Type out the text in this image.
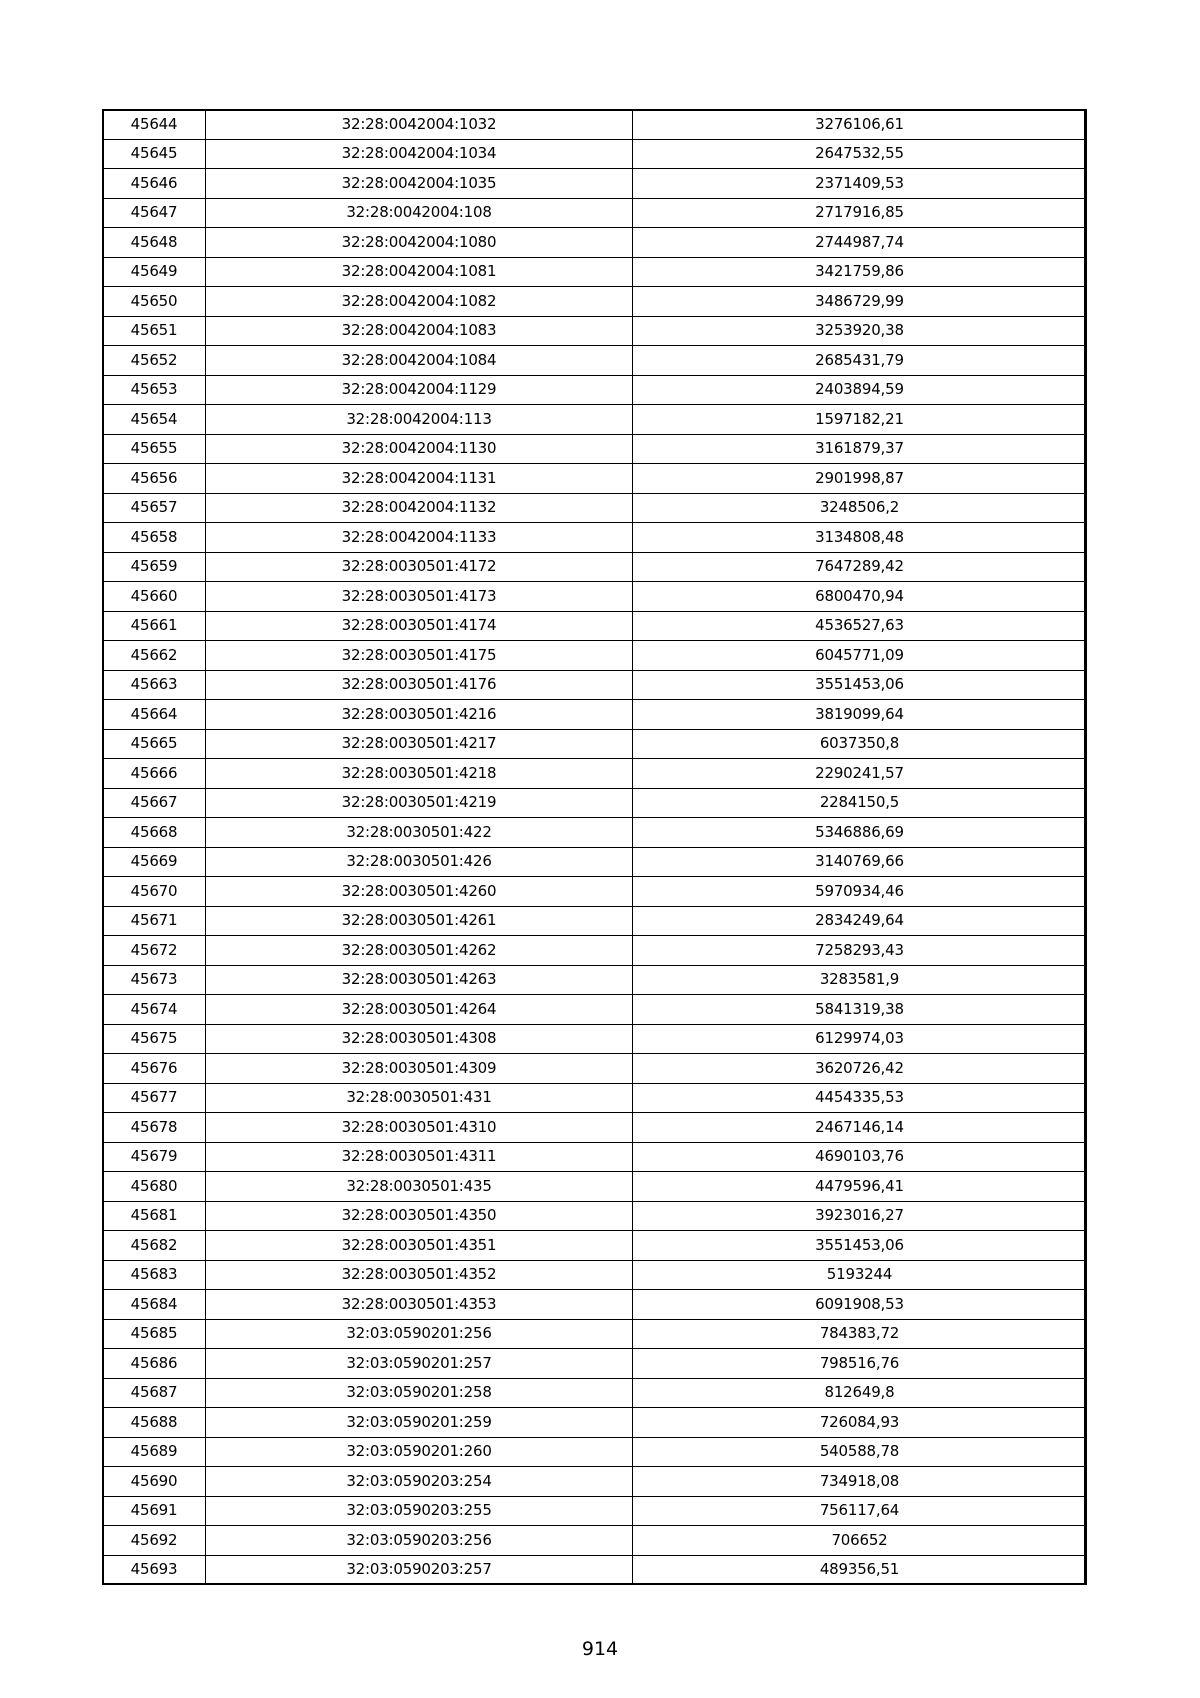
45644	32:28:0042004:1032	3276106,61
45645	32:28:0042004:1034	2647532,55
45646	32:28:0042004:1035	2371409,53
45647	32:28:0042004:108	2717916,85
45648	32:28:0042004:1080	2744987,74
45649	32:28:0042004:1081	3421759,86
45650	32:28:0042004:1082	3486729,99
45651	32:28:0042004:1083	3253920,38
45652	32:28:0042004:1084	2685431,79
45653	32:28:0042004:1129	2403894,59
45654	32:28:0042004:113	1597182,21
45655	32:28:0042004:1130	3161879,37
45656	32:28:0042004:1131	2901998,87
45657	32:28:0042004:1132	3248506,2
45658	32:28:0042004:1133	3134808,48
45659	32:28:0030501:4172	7647289,42
45660	32:28:0030501:4173	6800470,94
45661	32:28:0030501:4174	4536527,63
45662	32:28:0030501:4175	6045771,09
45663	32:28:0030501:4176	3551453,06
45664	32:28:0030501:4216	3819099,64
45665	32:28:0030501:4217	6037350,8
45666	32:28:0030501:4218	2290241,57
45667	32:28:0030501:4219	2284150,5
45668	32:28:0030501:422	5346886,69
45669	32:28:0030501:426	3140769,66
45670	32:28:0030501:4260	5970934,46
45671	32:28:0030501:4261	2834249,64
45672	32:28:0030501:4262	7258293,43
45673	32:28:0030501:4263	3283581,9
45674	32:28:0030501:4264	5841319,38
45675	32:28:0030501:4308	6129974,03
45676	32:28:0030501:4309	3620726,42
45677	32:28:0030501:431	4454335,53
45678	32:28:0030501:4310	2467146,14
45679	32:28:0030501:4311	4690103,76
45680	32:28:0030501:435	4479596,41
45681	32:28:0030501:4350	3923016,27
45682	32:28:0030501:4351	3551453,06
45683	32:28:0030501:4352	5193244
45684	32:28:0030501:4353	6091908,53
45685	32:03:0590201:256	784383,72
45686	32:03:0590201:257	798516,76
45687	32:03:0590201:258	812649,8
45688	32:03:0590201:259	726084,93
45689	32:03:0590201:260	540588,78
45690	32:03:0590203:254	734918,08
45691	32:03:0590203:255	756117,64
45692	32:03:0590203:256	706652
45693	32:03:0590203:257	489356,51
914
